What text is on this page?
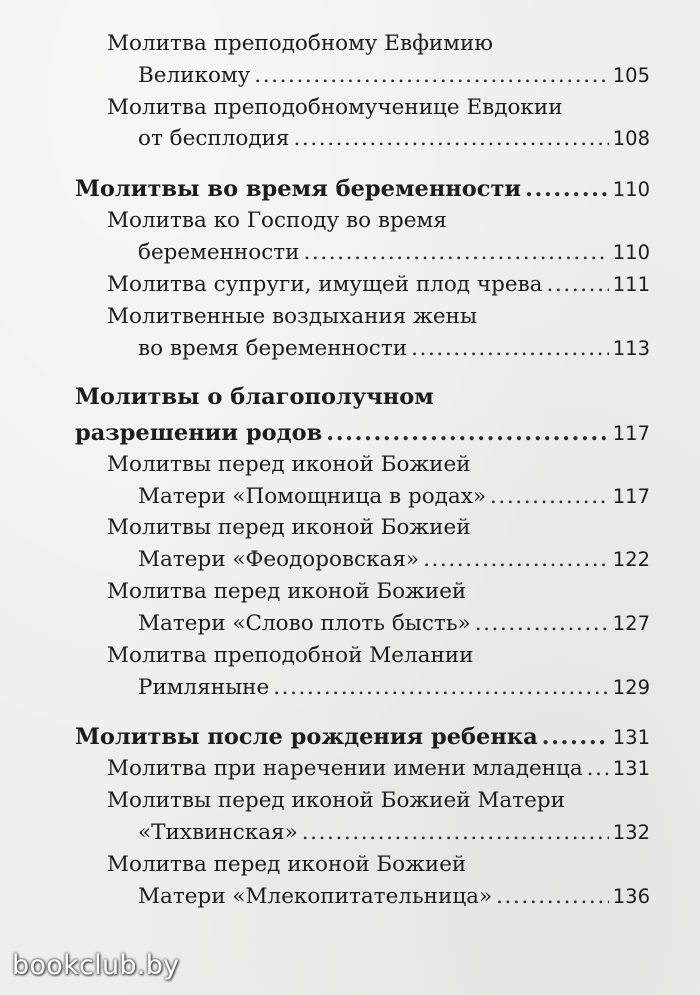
Молитва преподобному Евфимию
Великому .....	105
Молитва преподобномученице Евдокии
от бесплодия .....	108
Молитвы во время беременности .....	110
Молитва ко Господу во время
беременности .....	110
Молитва супруги, имущей плод чрева .....	111
Молитвенные воздыхания жены
во время беременности .....	113
Молитвы о благополучном
разрешении родов .....	117
Молитвы перед иконой Божией
Матери «Помощница в родах» .....	117
Молитвы перед иконой Божией
Матери «Феодоровская» .....	122
Молитва перед иконой Божией
Матери «Слово плоть бысть» .....	127
Молитва преподобной Мелании
Римляныне .....	129
Молитвы после рождения ребенка .....	131
Молитва при наречении имени младенца ..... 131
Молитвы перед иконой Божией Матери
«Тихвинская» .....	132
Молитва перед иконой Божией
Матери «Млекопитательница» .....	136
bookclub.by
